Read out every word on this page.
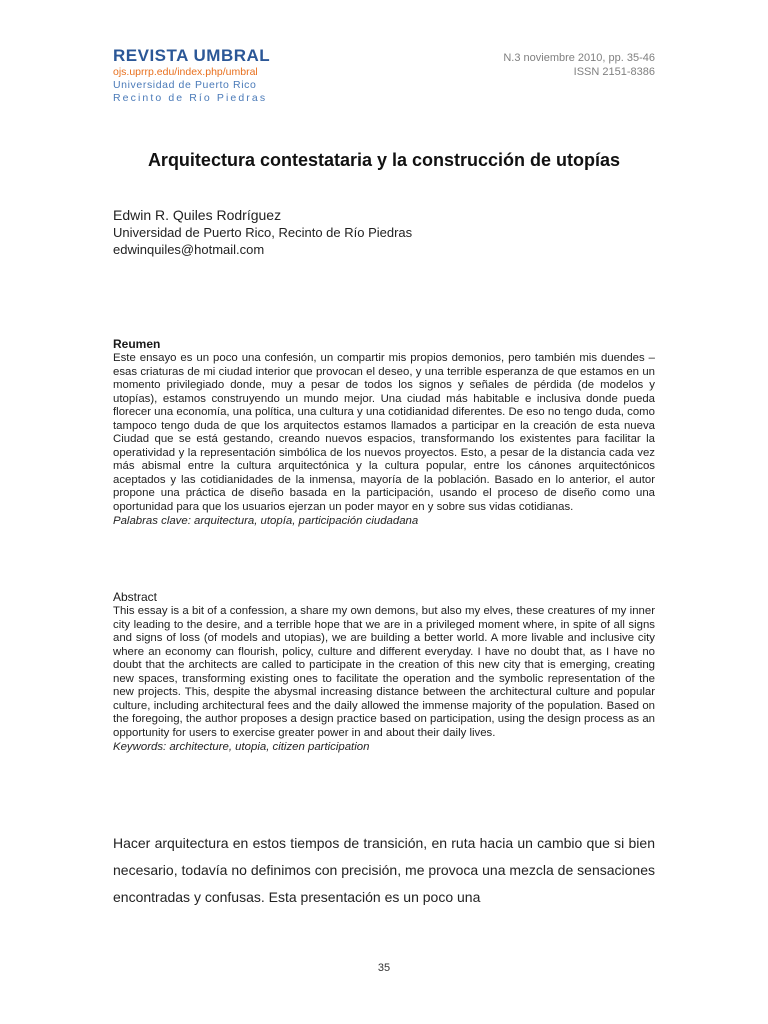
REVISTA UMBRAL
ojs.uprrp.edu/index.php/umbral
Universidad de Puerto Rico
Recinto de Río Piedras
N.3 noviembre 2010, pp. 35-46
ISSN 2151-8386
Arquitectura contestataria y la construcción de utopías
Edwin R. Quiles Rodríguez
Universidad de Puerto Rico, Recinto de Río Piedras
edwinquiles@hotmail.com

Reumen

Este ensayo es un poco una confesión, un compartir mis propios demonios, pero también mis duendes –esas criaturas de mi ciudad interior que provocan el deseo, y una terrible esperanza de que estamos en un momento privilegiado donde, muy a pesar de todos los signos y señales de pérdida (de modelos y utopías), estamos construyendo un mundo mejor. Una ciudad más habitable e inclusiva donde pueda florecer una economía, una política, una cultura y una cotidianidad diferentes. De eso no tengo duda, como tampoco tengo duda de que los arquitectos estamos llamados a participar en la creación de esta nueva Ciudad que se está gestando, creando nuevos espacios, transformando los existentes para facilitar la operatividad y la representación simbólica de los nuevos proyectos. Esto, a pesar de la distancia cada vez más abismal entre la cultura arquitectónica y la cultura popular, entre los cánones arquitectónicos aceptados y las cotidianidades de la inmensa, mayoría de la población. Basado en lo anterior, el autor propone una práctica de diseño basada en la participación, usando el proceso de diseño como una oportunidad para que los usuarios ejerzan un poder mayor en y sobre sus vidas cotidianas.

Palabras clave: arquitectura, utopía, participación ciudadana

Abstract

This essay is a bit of a confession, a share my own demons, but also my elves, these creatures of my inner city leading to the desire, and a terrible hope that we are in a privileged moment where, in spite of all signs and signs of loss (of models and utopias), we are building a better world. A more livable and inclusive city where an economy can flourish, policy, culture and different everyday. I have no doubt that, as I have no doubt that the architects are called to participate in the creation of this new city that is emerging, creating new spaces, transforming existing ones to facilitate the operation and the symbolic representation of the new projects. This, despite the abysmal increasing distance between the architectural culture and popular culture, including architectural fees and the daily allowed the immense majority of the population. Based on the foregoing, the author proposes a design practice based on participation, using the design process as an opportunity for users to exercise greater power in and about their daily lives.

Keywords: architecture, utopia, citizen participation

Hacer arquitectura en estos tiempos de transición, en ruta hacia un cambio que si bien necesario, todavía no definimos con precisión, me provoca una mezcla de sensaciones encontradas y confusas. Esta presentación es un poco una

35
